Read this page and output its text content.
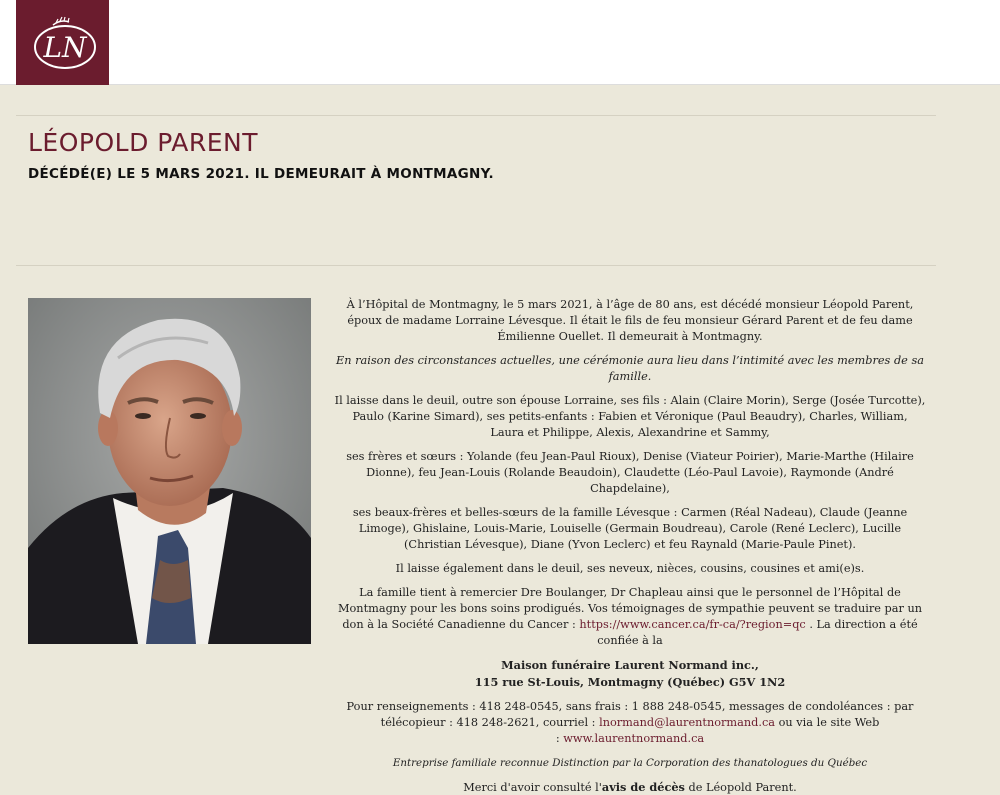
LN
LÉOPOLD PARENT
DÉCÉDÉ(E) LE 5 MARS 2021. IL DEMEURAIT À MONTMAGNY.

À l’Hôpital de Montmagny, le 5 mars 2021, à l’âge de 80 ans, est décédé monsieur Léopold Parent, époux de madame Lorraine Lévesque. Il était le fils de feu monsieur Gérard Parent et de feu dame Émilienne Ouellet. Il demeurait à Montmagny.

En raison des circonstances actuelles, une cérémonie aura lieu dans l’intimité avec les membres de sa famille.

Il laisse dans le deuil, outre son épouse Lorraine, ses fils : Alain (Claire Morin), Serge (Josée Turcotte), Paulo (Karine Simard), ses petits-enfants : Fabien et Véronique (Paul Beaudry), Charles, William, Laura et Philippe, Alexis, Alexandrine et Sammy,

ses frères et sœurs : Yolande (feu Jean-Paul Rioux), Denise (Viateur Poirier), Marie-Marthe (Hilaire Dionne), feu Jean-Louis (Rolande Beaudoin), Claudette (Léo-Paul Lavoie), Raymonde (André Chapdelaine),

ses beaux-frères et belles-sœurs de la famille Lévesque : Carmen (Réal Nadeau), Claude (Jeanne Limoge), Ghislaine, Louis-Marie, Louiselle (Germain Boudreau), Carole (René Leclerc), Lucille (Christian Lévesque), Diane (Yvon Leclerc) et feu Raynald (Marie-Paule Pinet).

Il laisse également dans le deuil, ses neveux, nièces, cousins, cousines et ami(e)s.

La famille tient à remercier Dre Boulanger, Dr Chapleau ainsi que le personnel de l’Hôpital de Montmagny pour les bons soins prodigués. Vos témoignages de sympathie peuvent se traduire par un don à la Société Canadienne du Cancer : https://www.cancer.ca/fr-ca/?region=qc . La direction a été confiée à la

Maison funéraire Laurent Normand inc.,
115 rue St-Louis, Montmagny (Québec) G5V 1N2

Pour renseignements : 418 248-0545, sans frais : 1 888 248-0545, messages de condoléances : par télécopieur : 418 248-2621, courriel : lnormand@laurentnormand.ca ou via le site Web
: www.laurentnormand.ca

Entreprise familiale reconnue Distinction par la Corporation des thanatologues du Québec

Merci d'avoir consulté l'avis de décès de Léopold Parent.
